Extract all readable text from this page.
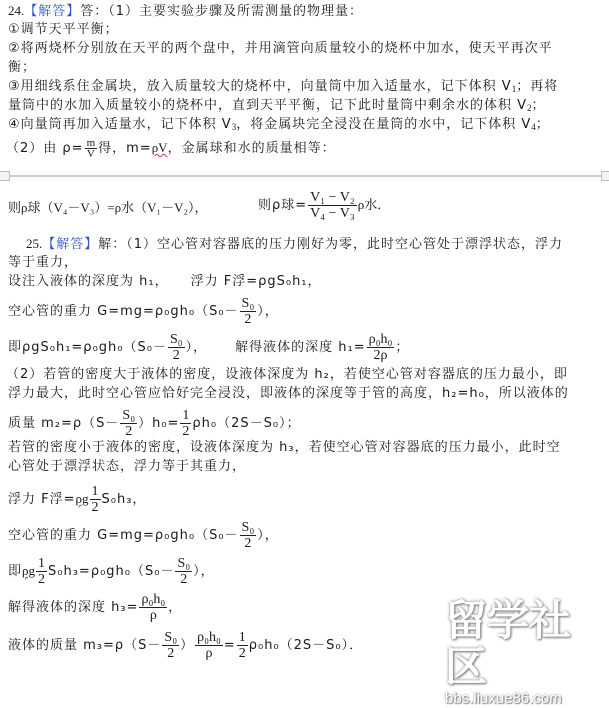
24.【解答】答：（1）主要实验步骤及所需测量的物理量：
①调节天平平衡；
②将两烧杯分别放在天平的两个盘中，并用滴管向质量较小的烧杯中加水，使天平再次平
衡；
③用细线系住金属块，放入质量较大的烧杯中，向量筒中加入适量水，记下体积 $V_1$；再将
量筒中的水加入质量较小的烧杯中，直到天平平衡，记下此时量筒中剩余水的体积 $V_2$；
④向量筒再加入适量水，记下体积 $V_3$，将金属块完全浸没在量筒的水中，记下体积 $V_4$；
（2）由 $\rho= \frac{m}{V}$ 得，m=ρV，金属球和水的质量相等：
则ρ球（V₄－V₃）=ρ水（V₁－V₂），	则ρ球= $\frac{\text{V₁ − V₂}}{\text{V₄ − V₃}}$ ρ水．
25.【解答】解：（1）空心管对容器底的压力刚好为零，此时空心管处于漂浮状态，浮力
等于重力，
设注入液体的深度为 h₁， 浮力 F浮=ρgS₀h₁，
空心管的重力 $G=mg=\rho_0gh_0(S_0- \frac{\text{S₀}}{2}$ ），
即$\rho gS_0h_1=\rho_0gh_0(S_0- \frac{\text{S₀}}{2}$ ）， 解得液体的深度 $h_1= \frac{\text{ρ₀h₀}}{2\rho}$ ；
（2）若管的密度大于液体的密度，设液体深度为 h₂，若使空心管对容器底的压力最小，即
浮力最大，此时空心管应恰好完全浸没，即液体的深度等于管的高度，h₂=h₀，所以液体的
质量 $m_2=\rho(S- \frac{\text{S₀}}{2} )h_0= \frac{1}{2} \rho h_0(2S-S_0)$；
若管的密度小于液体的密度，设液体深度为 h₃，若使空心管对容器底的压力最小，此时空
心管处于漂浮状态，浮力等于其重力，
浮力 F浮$=\rho g \frac{1}{2} S_0h_3$，
空心管的重力 $G=mg=\rho_0gh_0(S_0- \frac{\text{S₀}}{2}$ ），
即ρg $\frac{1}{2} S_0h_3=\rho_0gh_0(S_0- \frac{\text{S₀}}{2}$ ），
解得液体的深度 $h_3= \frac{\text{ρ₀h₀}}{\rho}$ ，
液体的质量 $m_3=\rho(S- \frac{\text{S₀}}{2}$ ） $\frac{\text{ρ₀h₀}}{\rho} = \frac{1}{2} \rho_0h_0(2S-S_0)$．
留学社区
bbs.liuxue86.com
